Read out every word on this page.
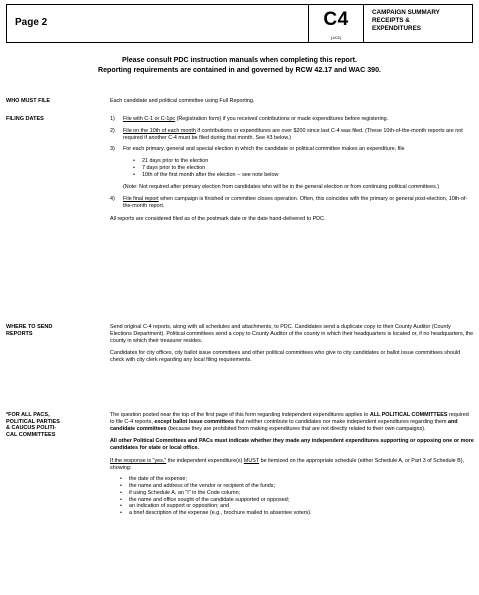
Page 2	C4
(1/02)
CAMPAIGN SUMMARY
RECEIPTS &
EXPENDITURES
Please consult PDC instruction manuals when completing this report.
Reporting requirements are contained in and governed by RCW 42.17 and WAC 390.
WHO MUST FILE	Each candidate and political committee using Full Reporting.

FILING DATES	1)	File with C-1 or C-1pc (Registration form) if you received contributions or made expenditures before registering.
2)	File on the 10th of each month if contributions or expenditures are over $200 since last C-4 was filed. (These 10th-of-the-month reports are not required if another C-4 must be filed during that month. See #3 below.)
3)	For each primary, general and special election in which the candidate or political committee makes an expenditure, file
•	21 days prior to the election
•	7 days prior to the election
•	10th of the first month after the election -- see note below

(Note: Not required after primary election from candidates who will be in the general election or from continuing political committees.)

4)	File final report when campaign is finished or committee closes operation. Often, this coincides with the primary or general post-election, 10th-of-the-month report.

All reports are considered filed as of the postmark date or the date hand-delivered to PDC.

WHERE TO SEND
REPORTS

Send original C-4 reports, along with all schedules and attachments, to PDC. Candidates send a duplicate copy to their County Auditor (County Elections Department). Political committees send a copy to County Auditor of the county in which their headquarters is located or, if no headquarters, the county in which their treasurer resides.

Candidates for city offices, city ballot issue committees and other political committees who give to city candidates or ballot issue committees should check with city clerk regarding any local filing requirements.

*FOR ALL PACS,
POLITICAL PARTIES
& CAUCUS POLITI-
CAL COMMITTEES

The question posted near the top of the first page of this form regarding independent expenditures applies to ALL POLITICAL COMMITTEES required to file C-4 reports, except ballot issue committees that neither contribute to candidates nor make independent expenditures regarding them and candidate committees (because they are prohibited from making expenditures that are not directly related to their own campaigns).

All other Political Committees and PACs must indicate whether they made any independent expenditures supporting or opposing one or more candidates for state or local office.

If the response is "yes," the independent expenditure(s) MUST be itemized on the appropriate schedule (either Schedule A, or Part 3 of Schedule B), showing:

•	the date of the expense;
•	the name and address of the vendor or recipient of the funds;
•	if using Schedule A, an "I" in the Code column;
•	the name and office sought of the candidate supported or opposed;
•	an indication of support or opposition; and
•	a brief description of the expense (e.g., brochure mailed to absentee voters).
